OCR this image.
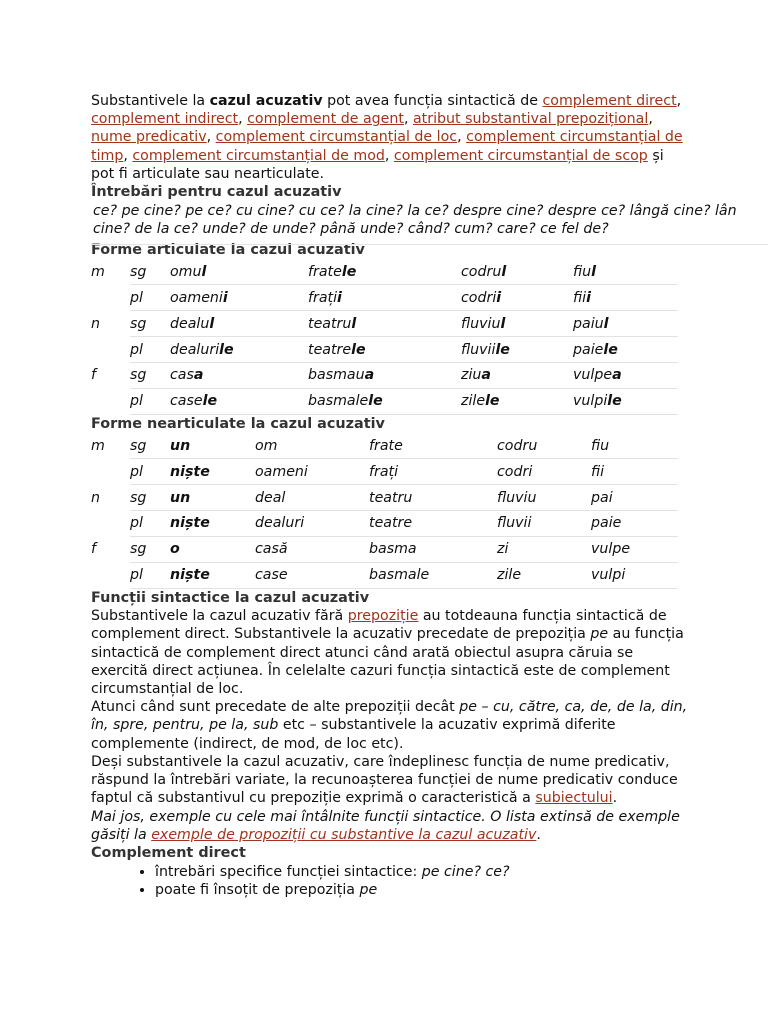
Substantivele la cazul acuzativ pot avea funcția sintactică de complement direct, complement indirect, complement de agent, atribut substantival prepozițional, nume predicativ, complement circumstanțial de loc, complement circumstanțial de timp, complement circumstanțial de mod, complement circumstanțial de scop și pot fi articulate sau nearticulate.

Întrebări pentru cazul acuzativ
ce? pe cine? pe ce? cu cine? cu ce? la cine? la ce? despre cine? despre ce? lângă cine? lân
cine? de la ce? unde? de unde? până unde? când? cum? care? ce fel de?
Forme articulate la cazul acuzativ
m	sg	omul	fratele	codrul	fiul
	pl	oamenii	frații	codrii	fiii
n	sg	dealul	teatrul	fluviul	paiul
	pl	dealurile	teatrele	fluviile	paiele
f	sg	casa	basmaua	ziua	vulpea
	pl	casele	basmalele	zilele	vulpile
Forme nearticulate la cazul acuzativ
m	sg	un	om	frate	codru	fiu
	pl	niște	oameni	frați	codri	fii
n	sg	un	deal	teatru	fluviu	pai
	pl	niște	dealuri	teatre	fluvii	paie
f	sg	o	casă	basma	zi	vulpe
	pl	niște	case	basmale	zile	vulpi
Funcții sintactice la cazul acuzativ

Substantivele la cazul acuzativ fără prepoziție au totdeauna funcția sintactică de complement direct. Substantivele la acuzativ precedate de prepoziția pe au funcția sintactică de complement direct atunci când arată obiectul asupra căruia se exercită direct acțiunea. În celelalte cazuri funcția sintactică este de complement circumstanțial de loc.

Atunci când sunt precedate de alte prepoziții decât pe – cu, către, ca, de, de la, din, în, spre, pentru, pe la, sub etc – substantivele la acuzativ exprimă diferite complemente (indirect, de mod, de loc etc).

Deși substantivele la cazul acuzativ, care îndeplinesc funcția de nume predicativ, răspund la întrebări variate, la recunoașterea funcției de nume predicativ conduce faptul că substantivul cu prepoziție exprimă o caracteristică a subiectului.

Mai jos, exemple cu cele mai întâlnite funcții sintactice. O lista extinsă de exemple găsiți la exemple de propoziții cu substantive la cazul acuzativ.

Complement direct
• întrebări specifice funcției sintactice: pe cine? ce?
• poate fi însoțit de prepoziția pe
